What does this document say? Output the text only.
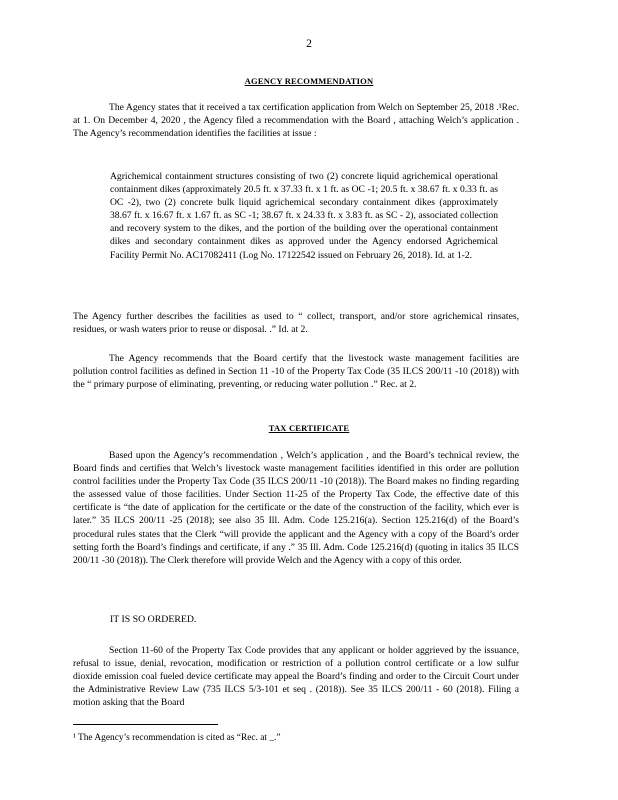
2
AGENCY RECOMMENDATION

The Agency states that it received a tax certification application from Welch on September 25, 2018 .¹Rec. at 1. On December 4, 2020 , the Agency filed a recommendation with the Board , attaching Welch’s application . The Agency’s recommendation identifies the facilities at issue :

Agrichemical containment structures consisting of two (2) concrete liquid agrichemical operational containment dikes (approximately 20.5 ft. x 37.33 ft. x 1 ft. as OC -1; 20.5 ft. x 38.67 ft. x 0.33 ft. as OC -2), two (2) concrete bulk liquid agrichemical secondary containment dikes (approximately 38.67 ft. x 16.67 ft. x 1.67 ft. as SC -1; 38.67 ft. x 24.33 ft. x 3.83 ft. as SC - 2), associated collection and recovery system to the dikes, and the portion of the building over the operational containment dikes and secondary containment dikes as approved under the Agency endorsed Agrichemical Facility Permit No. AC17082411 (Log No. 17122542 issued on February 26, 2018). Id. at 1-2.

The Agency further describes the facilities as used to “ collect, transport, and/or store agrichemical rinsates, residues, or wash waters prior to reuse or disposal. .” Id. at 2.

The Agency recommends that the Board certify that the livestock waste management facilities are pollution control facilities as defined in Section 11 -10 of the Property Tax Code (35 ILCS 200/11 -10 (2018)) with the “ primary purpose of eliminating, preventing, or reducing water pollution .” Rec. at 2.

TAX CERTIFICATE

Based upon the Agency’s recommendation , Welch’s application , and the Board’s technical review, the Board finds and certifies that Welch’s livestock waste management facilities identified in this order are pollution control facilities under the Property Tax Code (35 ILCS 200/11 -10 (2018)). The Board makes no finding regarding the assessed value of those facilities. Under Section 11-25 of the Property Tax Code, the effective date of this certificate is “the date of application for the certificate or the date of the construction of the facility, which ever is later.” 35 ILCS 200/11 -25 (2018); see also 35 Ill. Adm. Code 125.216(a). Section 125.216(d) of the Board’s procedural rules states that the Clerk “will provide the applicant and the Agency with a copy of the Board’s order setting forth the Board’s findings and certificate, if any .” 35 Ill. Adm. Code 125.216(d) (quoting in italics 35 ILCS 200/11 -30 (2018)). The Clerk therefore will provide Welch and the Agency with a copy of this order.

IT IS SO ORDERED.

Section 11-60 of the Property Tax Code provides that any applicant or holder aggrieved by the issuance, refusal to issue, denial, revocation, modification or restriction of a pollution control certificate or a low sulfur dioxide emission coal fueled device certificate may appeal the Board’s finding and order to the Circuit Court under the Administrative Review Law (735 ILCS 5/3-101 et seq . (2018)). See 35 ILCS 200/11 - 60 (2018). Filing a motion asking that the Board

¹ The Agency’s recommendation is cited as “Rec. at _.”
